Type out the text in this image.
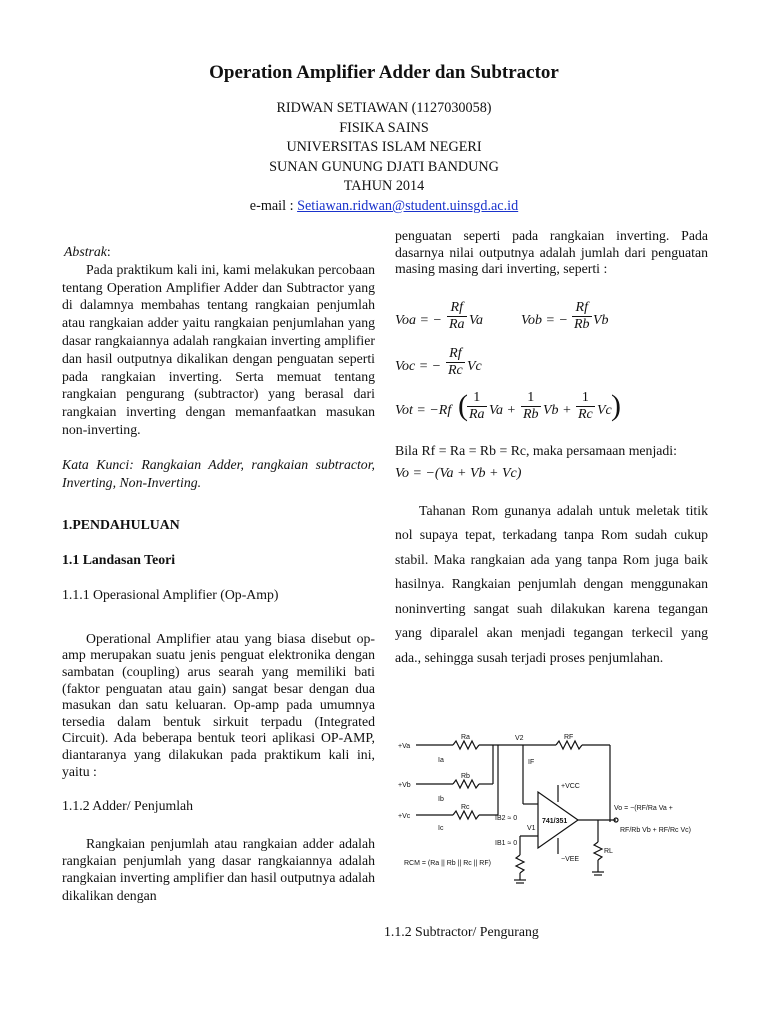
Operation Amplifier Adder dan Subtractor
RIDWAN SETIAWAN (1127030058)
FISIKA SAINS
UNIVERSITAS ISLAM NEGERI
SUNAN GUNUNG DJATI BANDUNG
TAHUN 2014
e-mail : Setiawan.ridwan@student.uinsgd.ac.id

Abstrak:

Pada praktikum kali ini, kami melakukan percobaan tentang Operation Amplifier Adder dan Subtractor yang di dalamnya membahas tentang rangkaian penjumlah atau rangkaian adder yaitu rangkaian penjumlahan yang dasar rangkaiannya adalah rangkaian inverting amplifier dan hasil outputnya dikalikan dengan penguatan seperti pada rangkaian inverting. Serta memuat tentang rangkaian pengurang (subtractor) yang berasal dari rangkaian inverting dengan memanfaatkan masukan non-inverting.

Kata Kunci: Rangkaian Adder, rangkaian subtractor, Inverting, Non-Inverting.

1.PENDAHULUAN

1.1 Landasan Teori

1.1.1 Operasional Amplifier (Op-Amp)

Operational Amplifier atau yang biasa disebut op-amp merupakan suatu jenis penguat elektronika dengan sambatan (coupling) arus searah yang memiliki bati (faktor penguatan atau gain) sangat besar dengan dua masukan dan satu keluaran. Op-amp pada umumnya tersedia dalam bentuk sirkuit terpadu (Integrated Circuit). Ada beberapa bentuk teori aplikasi OP-AMP, diantaranya yang dilakukan pada praktikum kali ini, yaitu :

1.1.2 Adder/ Penjumlah

Rangkaian penjumlah atau rangkaian adder adalah rangkaian penjumlah yang dasar rangkaiannya adalah rangkaian inverting amplifier dan hasil outputnya adalah dikalikan dengan

penguatan seperti pada rangkaian inverting. Pada dasarnya nilai outputnya adalah jumlah dari penguatan masing masing dari inverting, seperti :

Voa = − $\frac{Rf}{Ra}$ Va	Vob = − $\frac{Rf}{Rb}$ Vb
Voc = − $\frac{Rf}{Rc}$ Vc
Vot = −Rf ( $\frac{1}{Ra}$ $Va + \frac{1}{Rb}$ $Vb + \frac{1}{Rc}$ Vc )

Bila Rf = Ra = Rb = Rc, maka persamaan menjadi:

Vo = −(Va + Vb + Vc)

Tahanan Rom gunanya adalah untuk meletak titik nol supaya tepat, terkadang tanpa Rom sudah cukup stabil. Maka rangkaian ada yang tanpa Rom juga baik hasilnya. Rangkaian penjumlah dengan menggunakan noninverting sangat suah dilakukan karena tegangan yang diparalel akan menjadi tegangan terkecil yang ada., sehingga susah terjadi proses penjumlahan.

+Va
+Vb
+Vc
Ra
Rb
Rc
RF
V2
IF
Ia
Ib
Ic
+VCC
−VEE
RL
V1
IB2 ≈ 0
IB1 ≈ 0
741/351
RCM = (Ra || Rb || Rc || RF)
Vo = −(RF/Ra Va +
RF/Rb Vb + RF/Rc Vc)
1.1.2 Subtractor/ Pengurang
